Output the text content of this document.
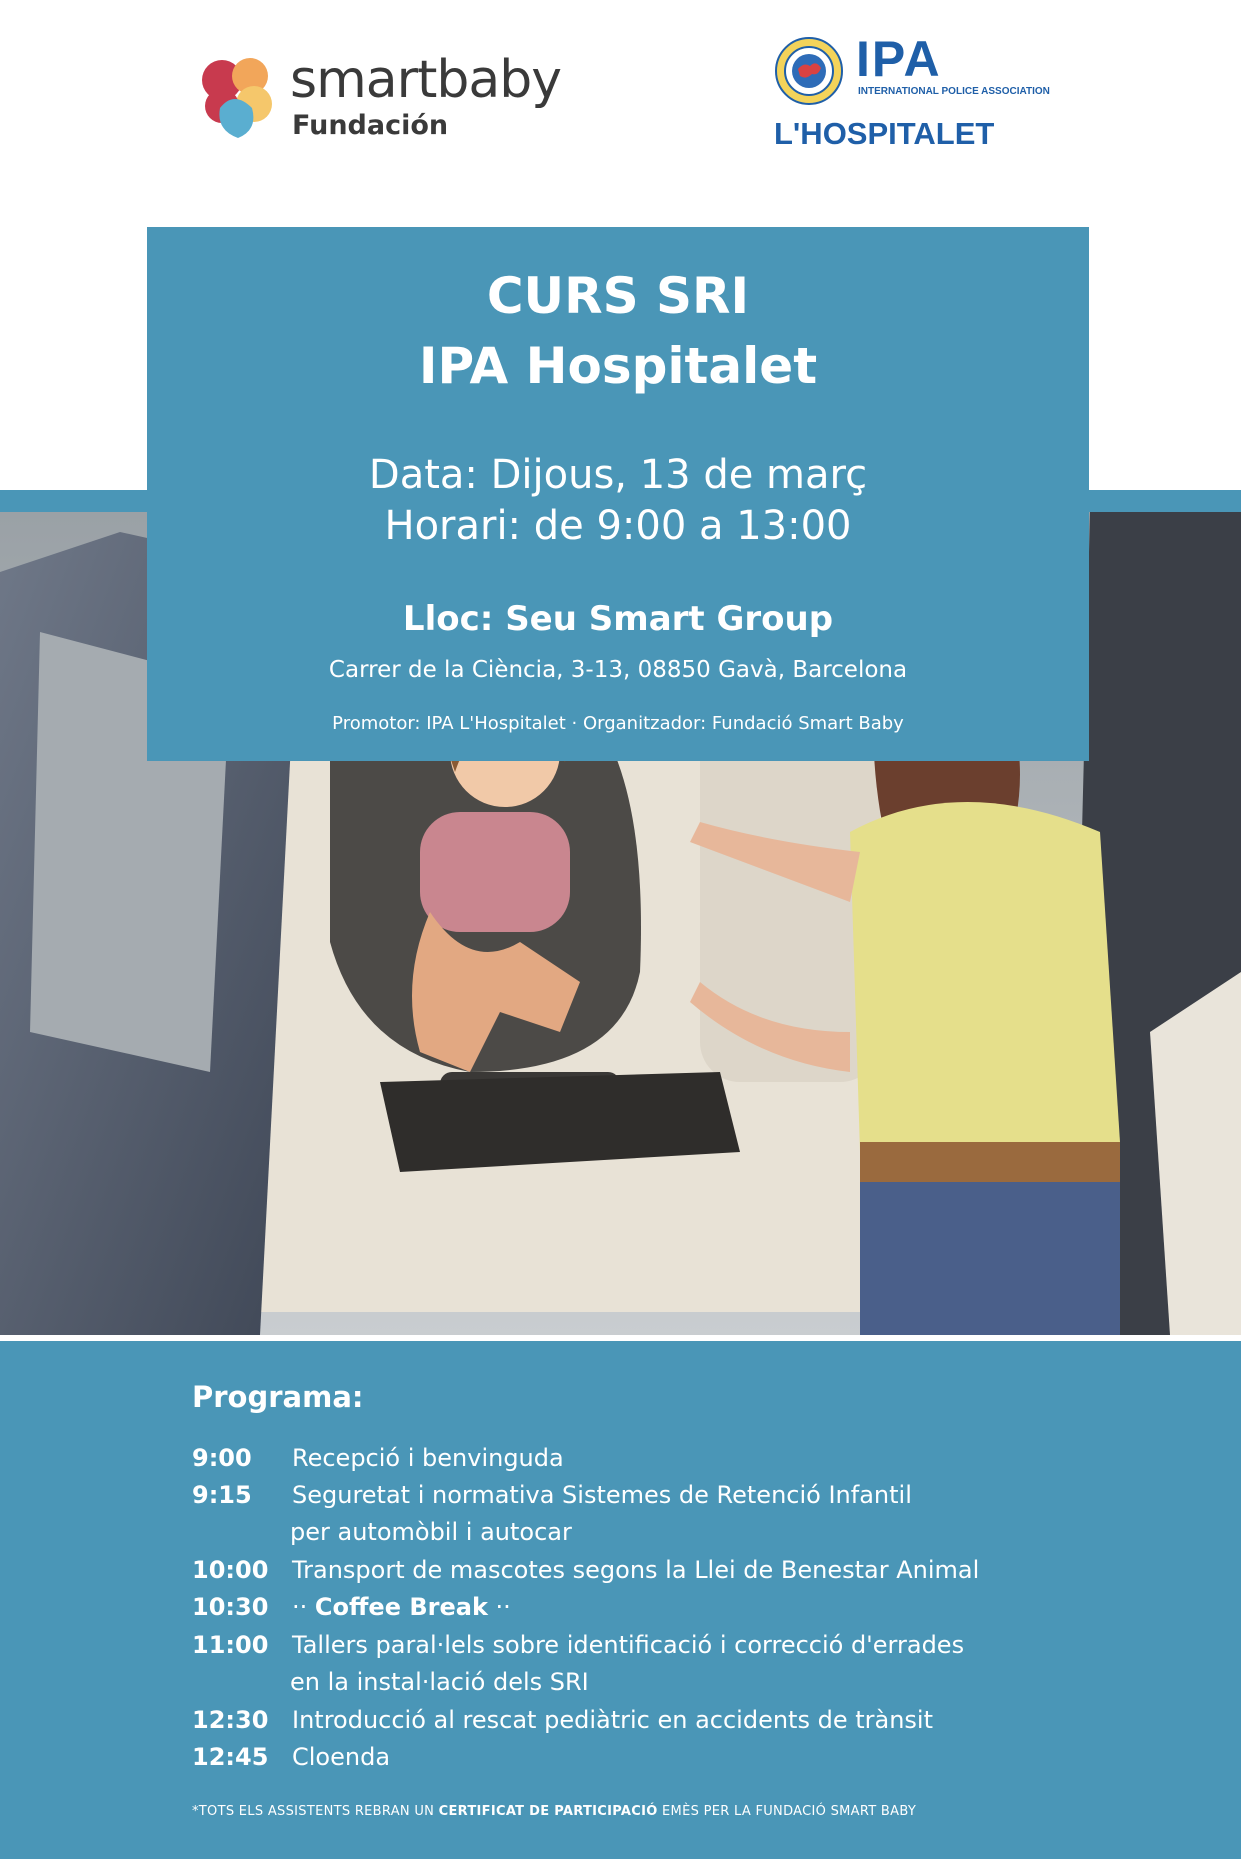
smartbaby
Fundación
IPA
INTERNATIONAL POLICE ASSOCIATION
L'HOSPITALET
CURS SRI
IPA Hospitalet
Data: Dijous, 13 de març
Horari: de 9:00 a 13:00
Lloc: Seu Smart Group
Carrer de la Ciència, 3-13, 08850 Gavà, Barcelona
Promotor: IPA L'Hospitalet · Organitzador: Fundació Smart Baby
Programa:
9:00 Recepció i benvinguda
9:15 Seguretat i normativa Sistemes de Retenció Infantil
per automòbil i autocar
10:00 Transport de mascotes segons la Llei de Benestar Animal
10:30 ·· Coffee Break ··
11:00 Tallers paral·lels sobre identificació i correcció d'errades
en la instal·lació dels SRI
12:30 Introducció al rescat pediàtric en accidents de trànsit
12:45 Cloenda
*TOTS ELS ASSISTENTS REBRAN UN CERTIFICAT DE PARTICIPACIÓ EMÈS PER LA FUNDACIÓ SMART BABY
